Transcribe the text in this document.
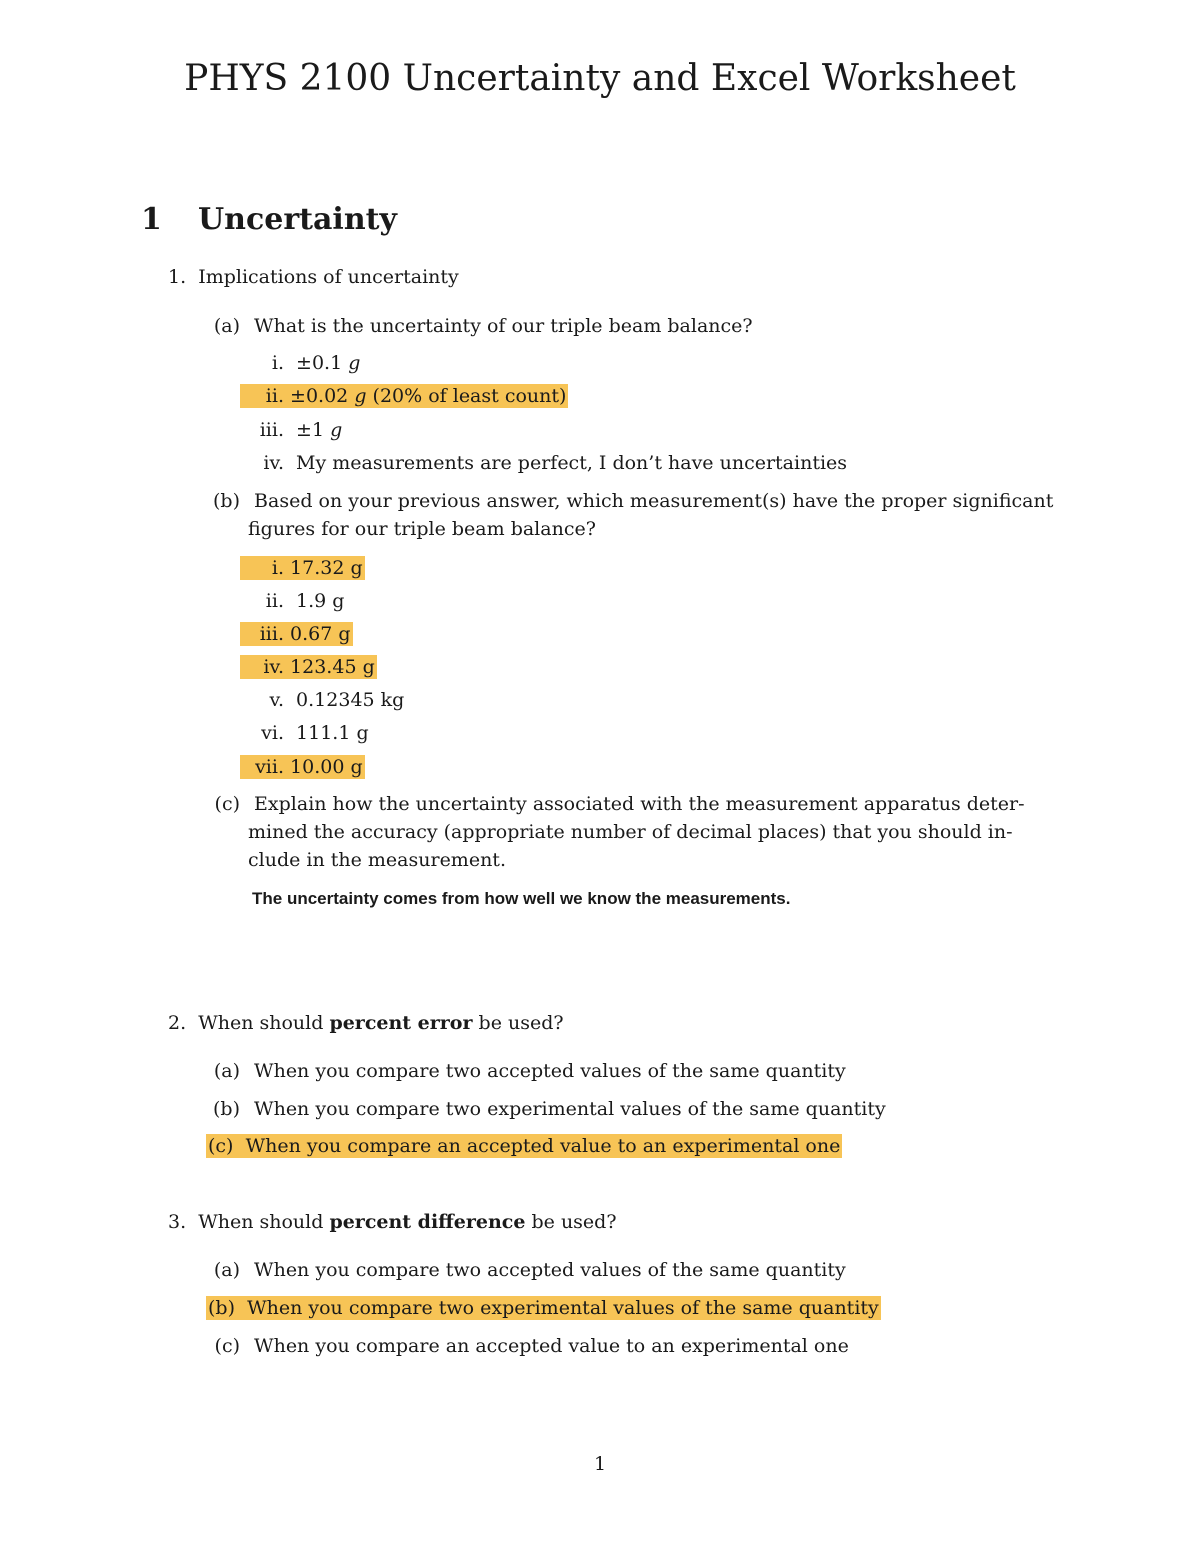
PHYS 2100 Uncertainty and Excel Worksheet
1 Uncertainty
1. Implications of uncertainty
(a) What is the uncertainty of our triple beam balance?
i. ±0.1 g
ii. ±0.02 g (20% of least count)
iii. ±1 g
iv. My measurements are perfect, I don’t have uncertainties
(b) Based on your previous answer, which measurement(s) have the proper significant
figures for our triple beam balance?
i. 17.32 g
ii. 1.9 g
iii. 0.67 g
iv. 123.45 g
v. 0.12345 kg
vi. 111.1 g
vii. 10.00 g
(c) Explain how the uncertainty associated with the measurement apparatus deter-
mined the accuracy (appropriate number of decimal places) that you should in-
clude in the measurement.
The uncertainty comes from how well we know the measurements.
2. When should percent error be used?
(a) When you compare two accepted values of the same quantity
(b) When you compare two experimental values of the same quantity
(c) When you compare an accepted value to an experimental one
3. When should percent difference be used?
(a) When you compare two accepted values of the same quantity
(b) When you compare two experimental values of the same quantity
(c) When you compare an accepted value to an experimental one
1
